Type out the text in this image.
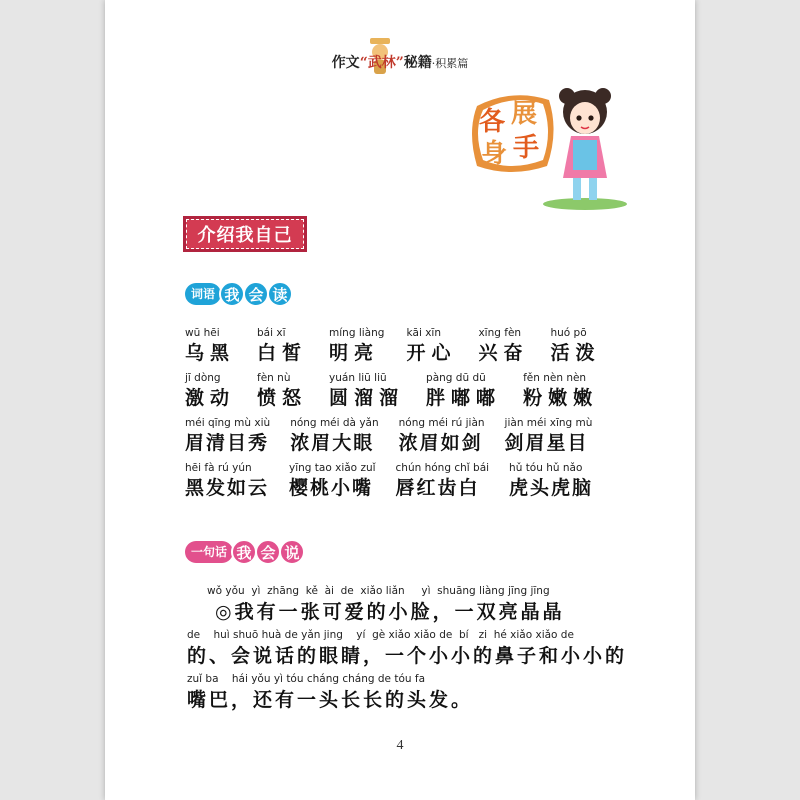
作文“武林”秘籍·积累篇
各 展
身 手
介绍我自己
词语 我 会 读
wū hēi
乌黑
bái xī
白皙
míng liàng
明亮
kāi xīn
开心
xīng fèn
兴奋
huó pō
活泼
jī dòng
激动
fèn nù
愤怒
yuán liū liū
圆溜溜
pàng dū dū
胖嘟嘟
fěn nèn nèn
粉嫩嫩
méi qīng mù xiù
眉清目秀
nóng méi dà yǎn
浓眉大眼
nóng méi rú jiàn
浓眉如剑
jiàn méi xīng mù
剑眉星目
hēi fà rú yún
黑发如云
yīng tao xiǎo zuǐ
樱桃小嘴
chún hóng chǐ bái
唇红齿白
hǔ tóu hǔ nǎo
虎头虎脑
一句话 我 会 说
wǒ yǒu  yì  zhāng  kě  ài  de  xiǎo liǎn     yì  shuāng liàng jīng jīng
◎我有一张可爱的小脸，一双亮晶晶
de    huì shuō huà de yǎn jing    yí  gè xiǎo xiǎo de  bí   zi  hé xiǎo xiǎo de
的、会说话的眼睛，一个小小的鼻子和小小的
zuǐ ba    hái yǒu yì tóu cháng cháng de tóu fa
嘴巴，还有一头长长的头发。
4
